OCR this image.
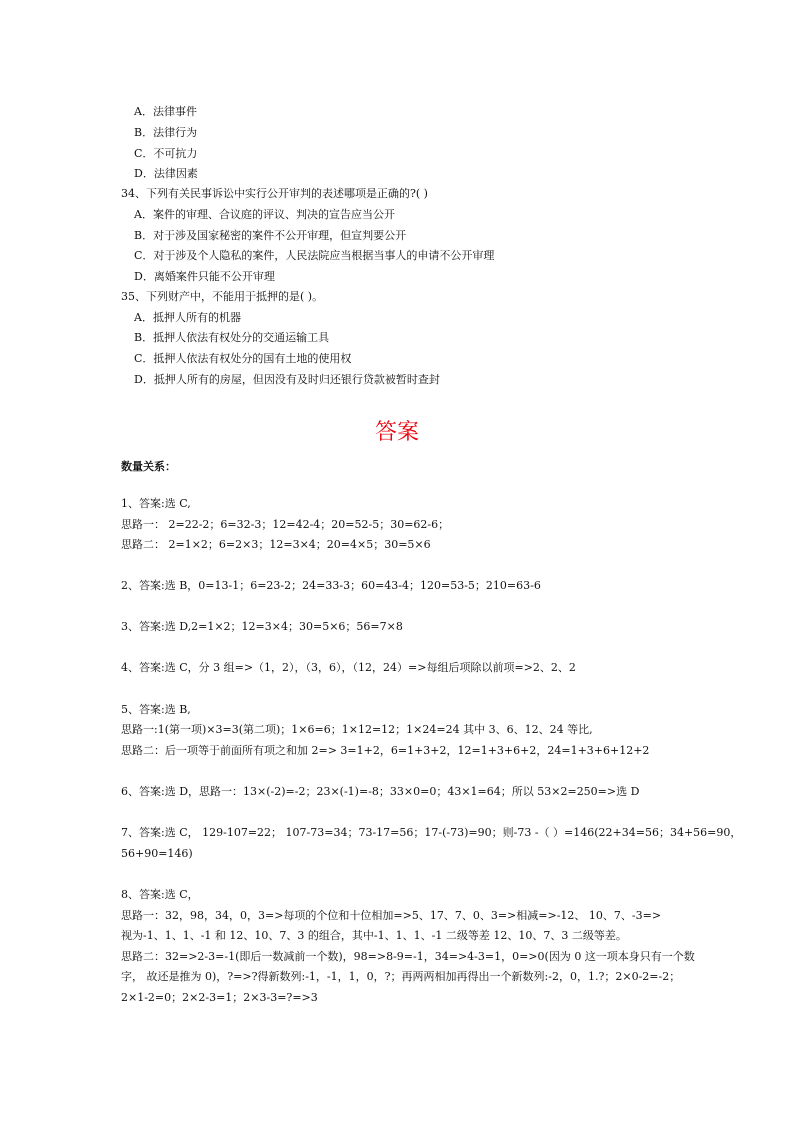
A．法律事件
B．法律行为
C．不可抗力
D．法律因素
34、下列有关民事诉讼中实行公开审判的表述哪项是正确的?( )
A．案件的审理、合议庭的评议、判决的宣告应当公开
B．对于涉及国家秘密的案件不公开审理，但宣判要公开
C．对于涉及个人隐私的案件，人民法院应当根据当事人的申请不公开审理
D．离婚案件只能不公开审理
35、下列财产中，不能用于抵押的是( )。
A．抵押人所有的机器
B．抵押人依法有权处分的交通运输工具
C．抵押人依法有权处分的国有土地的使用权
D．抵押人所有的房屋，但因没有及时归还银行贷款被暂时查封
答案
数量关系：
1、答案:选 C,
思路一： 2=22-2；6=32-3；12=42-4；20=52-5；30=62-6；
思路二： 2=1×2；6=2×3；12=3×4；20=4×5；30=5×6
2、答案:选 B，0=13-1；6=23-2；24=33-3；60=43-4；120=53-5；210=63-6
3、答案:选 D,2=1×2；12=3×4；30=5×6；56=7×8
4、答案:选 C，分 3 组=>（1，2），（3，6），（12，24）=>每组后项除以前项=>2、2、2
5、答案:选 B,
思路一:1(第一项)×3=3(第二项)；1×6=6；1×12=12；1×24=24 其中 3、6、12、24 等比,
思路二：后一项等于前面所有项之和加 2=> 3=1+2，6=1+3+2，12=1+3+6+2，24=1+3+6+12+2
6、答案:选 D，思路一：13×(-2)=-2；23×(-1)=-8；33×0=0；43×1=64；所以 53×2=250=>选 D
7、答案:选 C， 129-107=22； 107-73=34；73-17=56；17-(-73)=90；则-73 -（ ）=146(22+34=56；34+56=90，
56+90=146)
8、答案:选 C，
思路一：32，98，34，0，3=>每项的个位和十位相加=>5、17、7、0、3=>相减=>-12、 10、7、-3=>
视为-1、1、1、-1 和 12、10、7、3 的组合，其中-1、1、1、-1 二级等差 12、10、7、3 二级等差。
思路二：32=>2-3=-1(即后一数减前一个数)，98=>8-9=-1，34=>4-3=1，0=>0(因为 0 这一项本身只有一个数
字， 故还是推为 0)，?=>?得新数列:-1，-1，1，0，?；再两两相加再得出一个新数列:-2，0，1.?；2×0-2=-2；
2×1-2=0；2×2-3=1；2×3-3=?=>3
